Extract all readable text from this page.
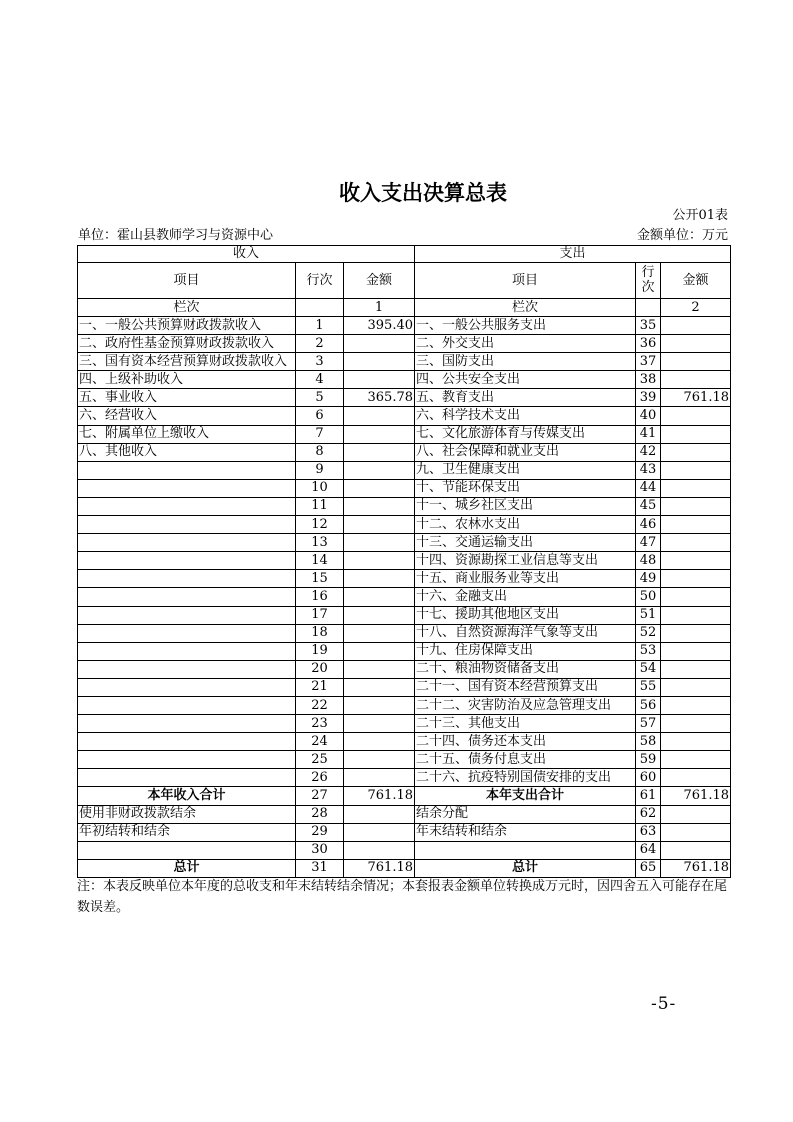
收入支出决算总表
公开01表
单位：霍山县教师学习与资源中心	金额单位：万元
收入			支出		
项目	行次	金额	项目	行次	金额
栏次		1	栏次		2
一、一般公共预算财政拨款收入	1	395.40	一、一般公共服务支出	35	
二、政府性基金预算财政拨款收入	2		二、外交支出	36	
三、国有资本经营预算财政拨款收入	3		三、国防支出	37	
四、上级补助收入	4		四、公共安全支出	38	
五、事业收入	5	365.78	五、教育支出	39	761.18
六、经营收入	6		六、科学技术支出	40	
七、附属单位上缴收入	7		七、文化旅游体育与传媒支出	41	
八、其他收入	8		八、社会保障和就业支出	42	
	9		九、卫生健康支出	43	
	10		十、节能环保支出	44	
	11		十一、城乡社区支出	45	
	12		十二、农林水支出	46	
	13		十三、交通运输支出	47	
	14		十四、资源勘探工业信息等支出	48	
	15		十五、商业服务业等支出	49	
	16		十六、金融支出	50	
	17		十七、援助其他地区支出	51	
	18		十八、自然资源海洋气象等支出	52	
	19		十九、住房保障支出	53	
	20		二十、粮油物资储备支出	54	
	21		二十一、国有资本经营预算支出	55	
	22		二十二、灾害防治及应急管理支出	56	
	23		二十三、其他支出	57	
	24		二十四、债务还本支出	58	
	25		二十五、债务付息支出	59	
	26		二十六、抗疫特别国债安排的支出	60	
本年收入合计	27	761.18	本年支出合计	61	761.18
使用非财政拨款结余	28		结余分配	62	
年初结转和结余	29		年末结转和结余	63	
	30			64	
总计	31	761.18	总计	65	761.18
注：本表反映单位本年度的总收支和年末结转结余情况；本套报表金额单位转换成万元时，因四舍五入可能存在尾数误差。
-5-
